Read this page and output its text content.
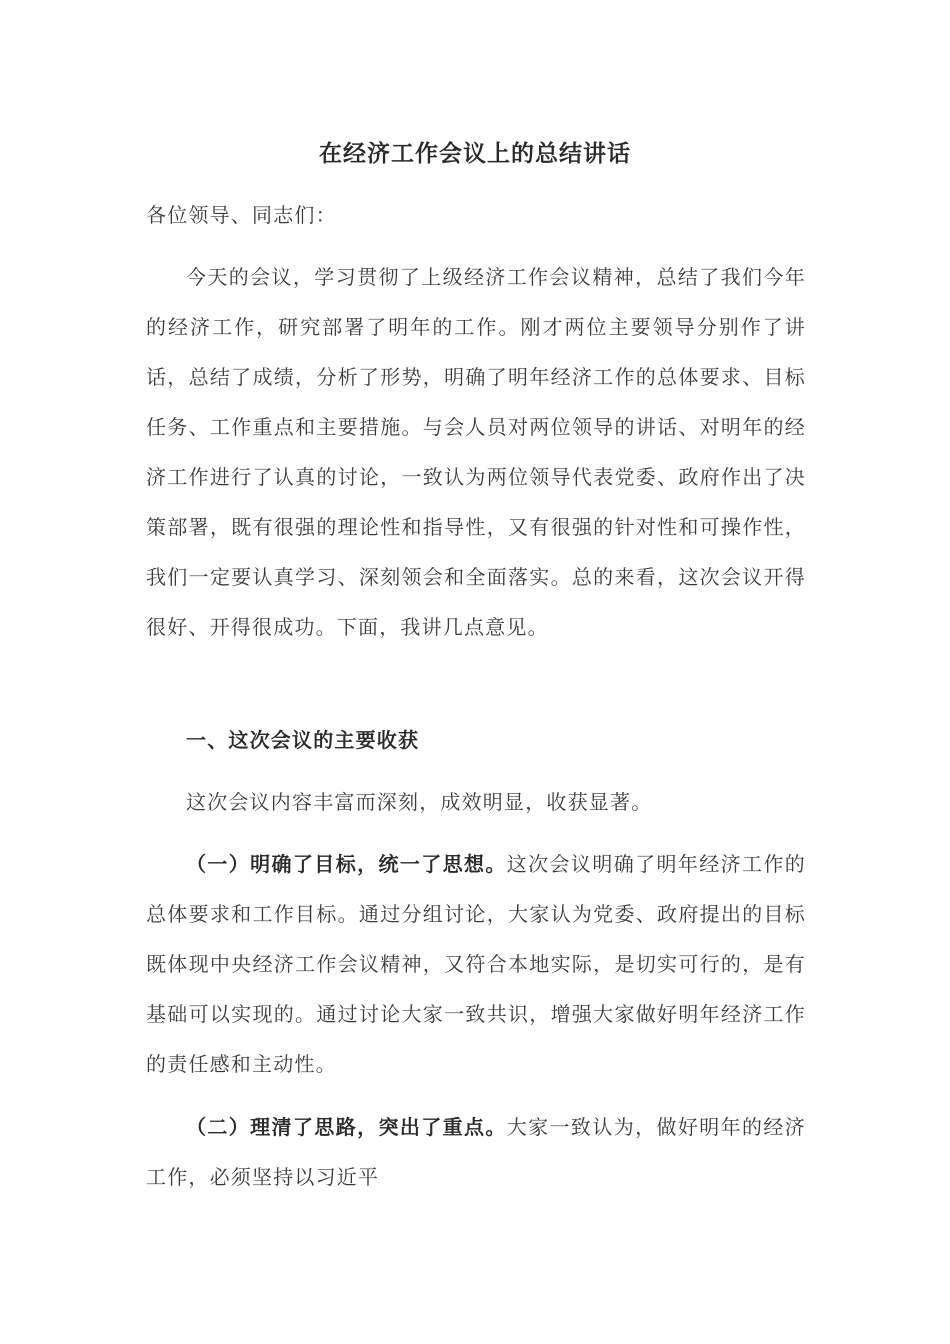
在经济工作会议上的总结讲话

各位领导、同志们：

今天的会议，学习贯彻了上级经济工作会议精神，总结了我们今年的经济工作，研究部署了明年的工作。刚才两位主要领导分别作了讲话，总结了成绩，分析了形势，明确了明年经济工作的总体要求、目标任务、工作重点和主要措施。与会人员对两位领导的讲话、对明年的经济工作进行了认真的讨论，一致认为两位领导代表党委、政府作出了决策部署，既有很强的理论性和指导性，又有很强的针对性和可操作性，我们一定要认真学习、深刻领会和全面落实。总的来看，这次会议开得很好、开得很成功。下面，我讲几点意见。

一、这次会议的主要收获

这次会议内容丰富而深刻，成效明显，收获显著。

（一）明确了目标，统一了思想。这次会议明确了明年经济工作的总体要求和工作目标。通过分组讨论，大家认为党委、政府提出的目标既体现中央经济工作会议精神，又符合本地实际，是切实可行的，是有基础可以实现的。通过讨论大家一致共识，增强大家做好明年经济工作的责任感和主动性。

（二）理清了思路，突出了重点。大家一致认为，做好明年的经济工作，必须坚持以习近平
